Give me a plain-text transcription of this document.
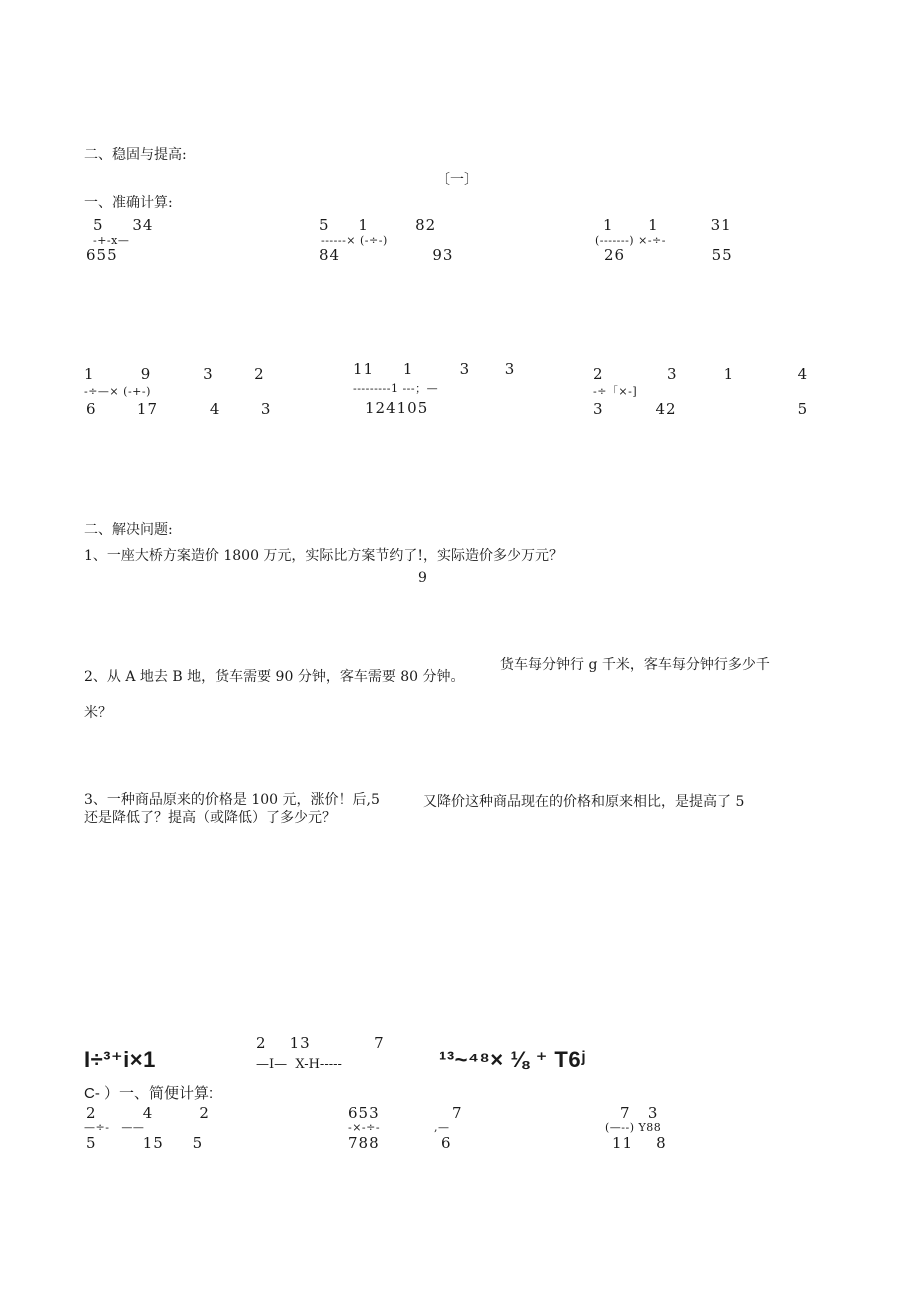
二、稳固与提高:
〔一〕
一、准确计算:
5     34
-+-x—
655
5     1        82
------× (-÷-)
84                93
1      1         31
(-------) ×-÷-
26               55
1        9         3       2
-÷—× (-+-)
6       17         4       3
11     1        3      3
---------1 ---；—
124105
2           3        1           4
-÷「×-]
3         42                     5
二、解决问题:
1、一座大桥方案造价 1800 万元，实际比方案节约了!，实际造价多少万元？
9
货车每分钟行 g 千米，客车每分钟行多少千
2、从 A 地去 B 地，货车需要 90 分钟，客车需要 80 分钟。
米？
3、一种商品原来的价格是 100 元，涨价！后,5	又降价这种商品现在的价格和原来相比，是提高了 5
还是降低了？提高（或降低）了多少元？
I÷³⁺i×1
2    13           7
—I—  X-H-----	¹³~⁴⁸× ⅛ ⁺ T6ʲ
C- ）一、简便计算:
2        4        2
—÷-   ——
5        15     5
653
-×-÷-
788
7
,—
6
7   3
(—--) Y88
11    8
